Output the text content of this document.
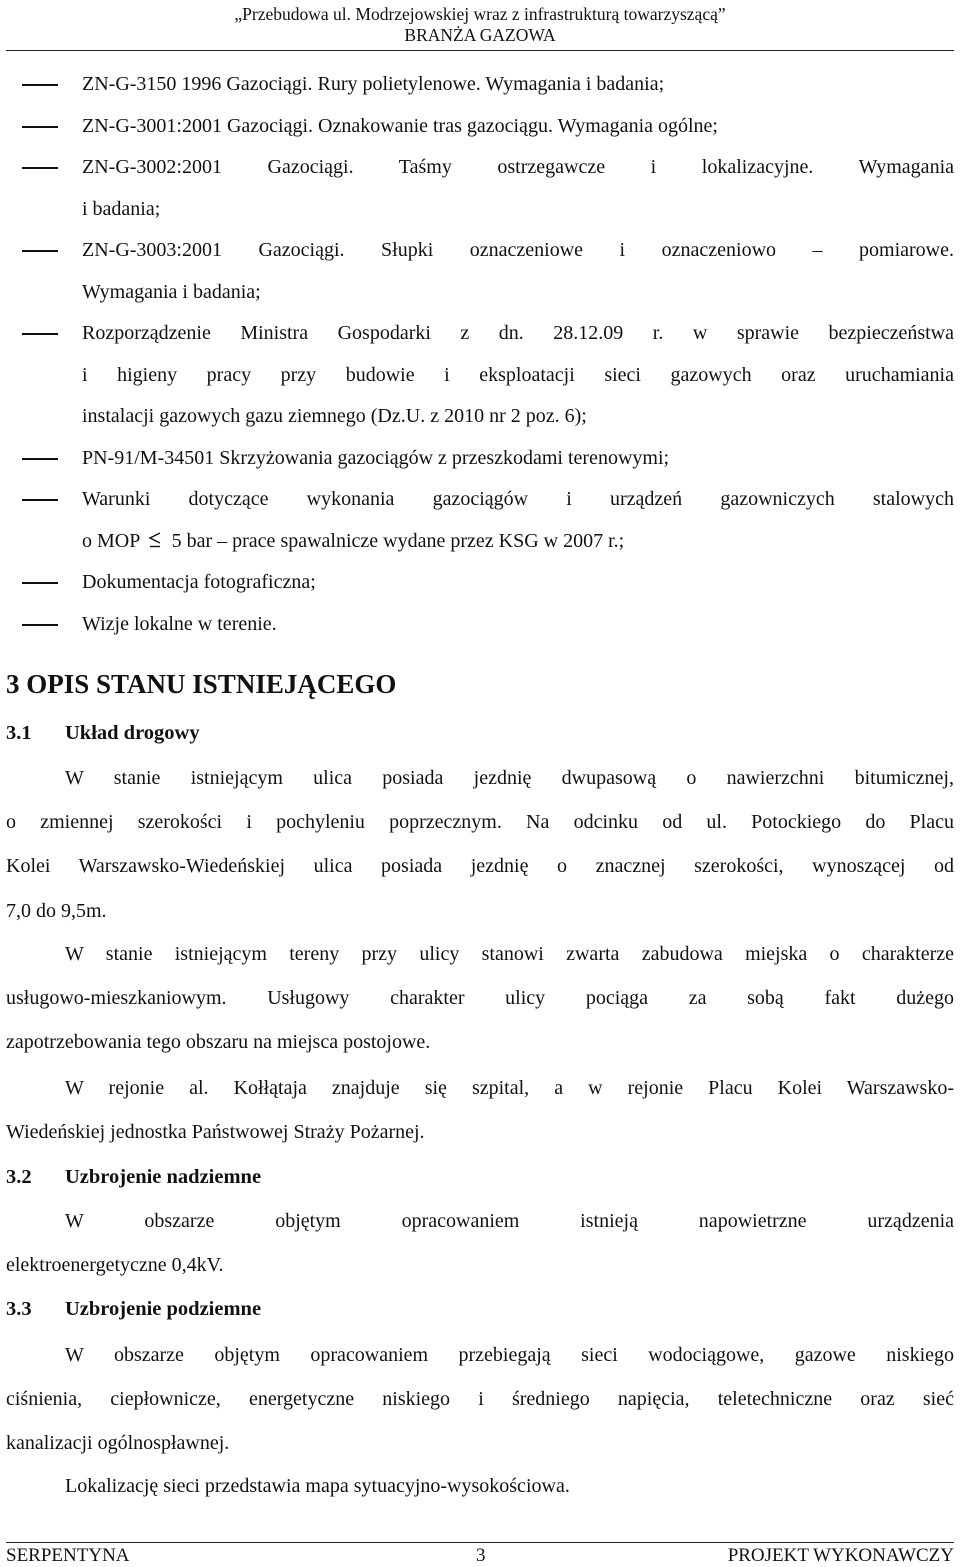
„Przebudowa ul. Modrzejowskiej wraz z infrastrukturą towarzyszącą”
BRANŻA GAZOWA
ZN-G-3150 1996 Gazociągi. Rury polietylenowe. Wymagania i badania;
ZN-G-3001:2001 Gazociągi. Oznakowanie tras gazociągu. Wymagania ogólne;
ZN-G-3002:2001 Gazociągi. Taśmy ostrzegawcze i lokalizacyjne. Wymagania
i badania;
ZN-G-3003:2001 Gazociągi. Słupki oznaczeniowe i oznaczeniowo – pomiarowe.
Wymagania i badania;
Rozporządzenie Ministra Gospodarki z dn. 28.12.09 r. w sprawie bezpieczeństwa
i higieny pracy przy budowie i eksploatacji sieci gazowych oraz uruchamiania
instalacji gazowych gazu ziemnego (Dz.U. z 2010 nr 2 poz. 6);
PN-91/M-34501 Skrzyżowania gazociągów z przeszkodami terenowymi;
Warunki dotyczące wykonania gazociągów i urządzeń gazowniczych stalowych
o MOP 5 bar – prace spawalnicze wydane przez KSG w 2007 r.;
Dokumentacja fotograficzna;
Wizje lokalne w terenie.
3 OPIS STANU ISTNIEJĄCEGO
3.1 Układ drogowy

W stanie istniejącym ulica posiada jezdnię dwupasową o nawierzchni bitumicznej,
o zmiennej szerokości i pochyleniu poprzecznym. Na odcinku od ul. Potockiego do Placu
Kolei Warszawsko-Wiedeńskiej ulica posiada jezdnię o znacznej szerokości, wynoszącej od
7,0 do 9,5m.

W stanie istniejącym tereny przy ulicy stanowi zwarta zabudowa miejska o charakterze
usługowo-mieszkaniowym. Usługowy charakter ulicy pociąga za sobą fakt dużego
zapotrzebowania tego obszaru na miejsca postojowe.

W rejonie al. Kołłątaja znajduje się szpital, a w rejonie Placu Kolei Warszawsko-
Wiedeńskiej jednostka Państwowej Straży Pożarnej.

3.2 Uzbrojenie nadziemne

W obszarze objętym opracowaniem istnieją napowietrzne urządzenia
elektroenergetyczne 0,4kV.

3.3 Uzbrojenie podziemne

W obszarze objętym opracowaniem przebiegają sieci wodociągowe, gazowe niskiego
ciśnienia, ciepłownicze, energetyczne niskiego i średniego napięcia, teletechniczne oraz sieć
kanalizacji ogólnospławnej.

Lokalizację sieci przedstawia mapa sytuacyjno-wysokościowa.

SERPENTYNA	3	PROJEKT WYKONAWCZY
